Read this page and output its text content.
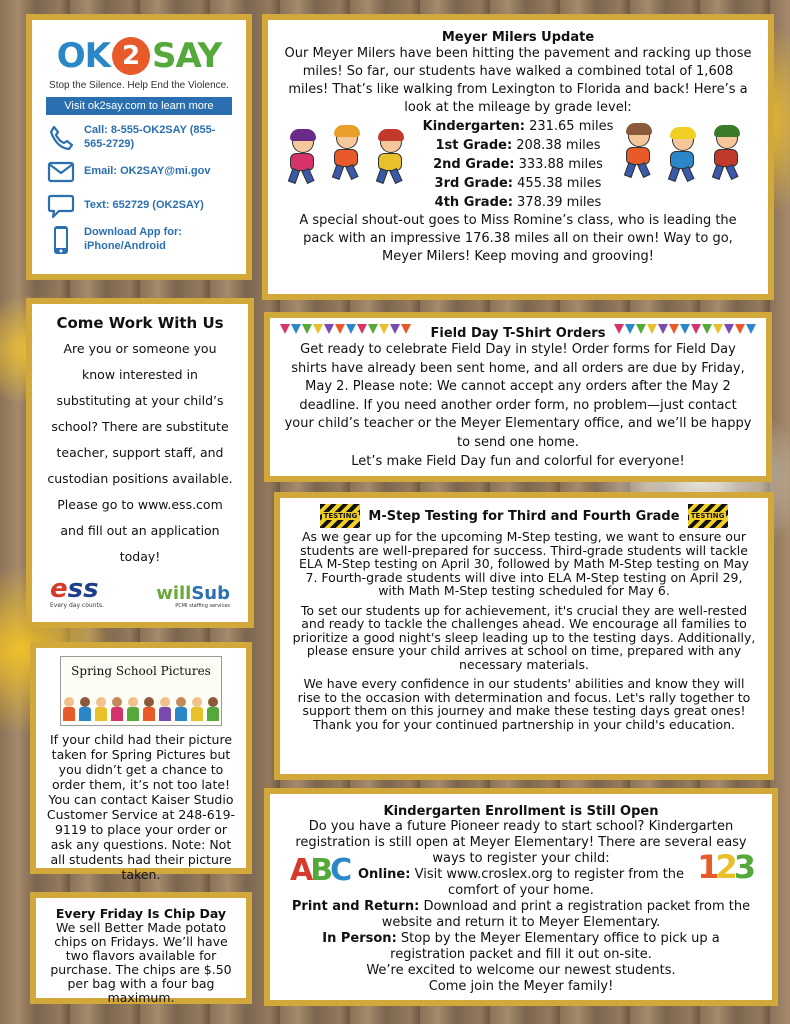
OK 2 SAY
Stop the Silence. Help End the Violence.
Visit ok2say.com to learn more
Call: 8-555-OK2SAY (855-565-2729)
Email: OK2SAY@mi.gov
Text: 652729 (OK2SAY)
Download App for: iPhone/Android
Come Work With Us
Are you or someone you know interested in substituting at your child’s school? There are substitute teacher, support staff, and custodian positions available. Please go to www.ess.com and fill out an application today!
ess
Every day counts.
willSub
PCMI staffing services
Spring School Pictures
If your child had their picture taken for Spring Pictures but you didn’t get a chance to order them, it’s not too late! You can contact Kaiser Studio Customer Service at 248-619-9119 to place your order or ask any questions. Note: Not all students had their picture taken.
Every Friday Is Chip Day
We sell Better Made potato chips on Fridays. We’ll have two flavors available for purchase. The chips are $.50 per bag with a four bag maximum.
Meyer Milers Update
Our Meyer Milers have been hitting the pavement and racking up those miles! So far, our students have walked a combined total of 1,608 miles! That’s like walking from Lexington to Florida and back! Here’s a look at the mileage by grade level:
Kindergarten: 231.65 miles
1st Grade: 208.38 miles
2nd Grade: 333.88 miles
3rd Grade: 455.38 miles
4th Grade: 378.39 miles
A special shout-out goes to Miss Romine’s class, who is leading the pack with an impressive 176.38 miles all on their own! Way to go, Meyer Milers! Keep moving and grooving!
Field Day T-Shirt Orders
Get ready to celebrate Field Day in style! Order forms for Field Day shirts have already been sent home, and all orders are due by Friday, May 2. Please note: We cannot accept any orders after the May 2 deadline. If you need another order form, no problem—just contact your child’s teacher or the Meyer Elementary office, and we’ll be happy to send one home.
Let’s make Field Day fun and colorful for everyone!
TESTING M-Step Testing for Third and Fourth Grade TESTING

As we gear up for the upcoming M-Step testing, we want to ensure our students are well-prepared for success. Third-grade students will tackle ELA M-Step testing on April 30, followed by Math M-Step testing on May 7. Fourth-grade students will dive into ELA M-Step testing on April 29, with Math M-Step testing scheduled for May 6.

To set our students up for achievement, it's crucial they are well-rested and ready to tackle the challenges ahead. We encourage all families to prioritize a good night's sleep leading up to the testing days. Additionally, please ensure your child arrives at school on time, prepared with any necessary materials.

We have every confidence in our students' abilities and know they will rise to the occasion with determination and focus. Let's rally together to support them on this journey and make these testing days great ones! Thank you for your continued partnership in your child's education.

Kindergarten Enrollment is Still Open
ABC	123
Do you have a future Pioneer ready to start school? Kindergarten registration is still open at Meyer Elementary! There are several easy ways to register your child:
Online: Visit www.croslex.org to register from the comfort of your home.
Print and Return: Download and print a registration packet from the website and return it to Meyer Elementary.
In Person: Stop by the Meyer Elementary office to pick up a registration packet and fill it out on-site.
We’re excited to welcome our newest students.
Come join the Meyer family!
